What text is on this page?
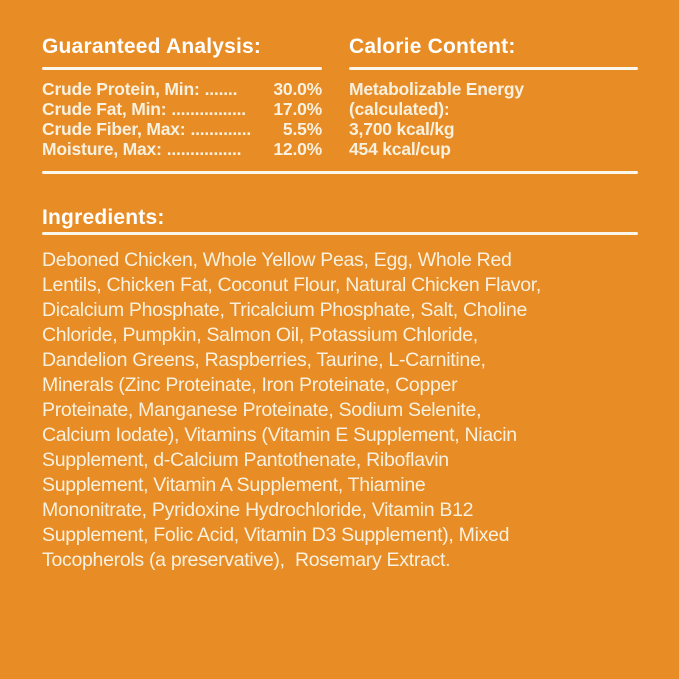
Guaranteed Analysis:
Crude Protein, Min: .......	30.0%
Crude Fat, Min: ................	17.0%
Crude Fiber, Max: .............	5.5%
Moisture, Max: ................	12.0%
Calorie Content:
Metabolizable Energy
(calculated):
3,700 kcal/kg
454 kcal/cup
Ingredients:
Deboned Chicken, Whole Yellow Peas, Egg, Whole Red
Lentils, Chicken Fat, Coconut Flour, Natural Chicken Flavor,
Dicalcium Phosphate, Tricalcium Phosphate, Salt, Choline
Chloride, Pumpkin, Salmon Oil, Potassium Chloride,
Dandelion Greens, Raspberries, Taurine, L-Carnitine,
Minerals (Zinc Proteinate, Iron Proteinate, Copper
Proteinate, Manganese Proteinate, Sodium Selenite,
Calcium Iodate), Vitamins (Vitamin E Supplement, Niacin
Supplement, d-Calcium Pantothenate, Riboflavin
Supplement, Vitamin A Supplement, Thiamine
Mononitrate, Pyridoxine Hydrochloride, Vitamin B12
Supplement, Folic Acid, Vitamin D3 Supplement), Mixed
Tocopherols (a preservative),  Rosemary Extract.
